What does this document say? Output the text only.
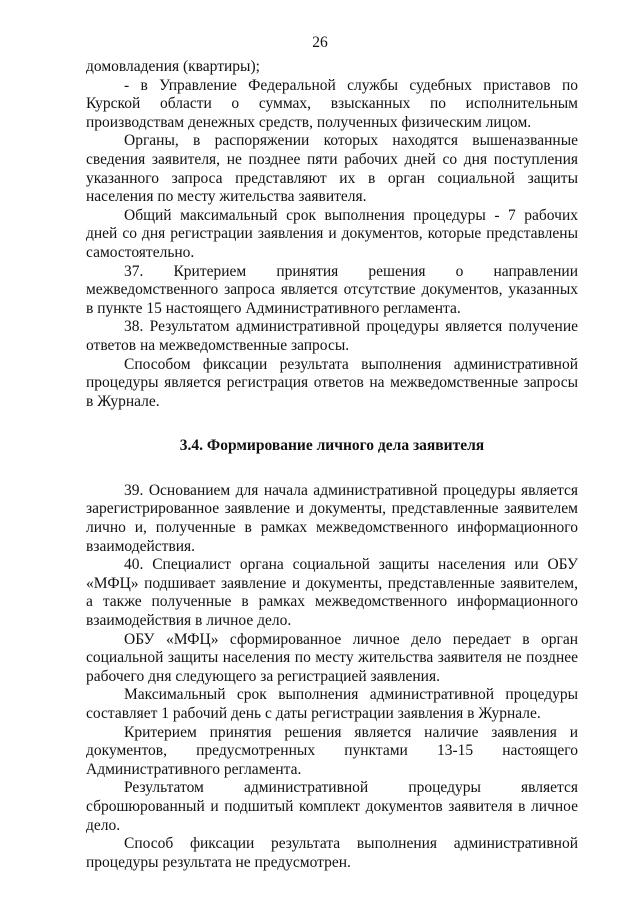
26

домовладения (квартиры);

- в Управление Федеральной службы судебных приставов по Курской области о суммах, взысканных по исполнительным производствам денежных средств, полученных физическим лицом.

Органы, в распоряжении которых находятся вышеназванные сведения заявителя, не позднее пяти рабочих дней со дня поступления указанного запроса представляют их в орган социальной защиты населения по месту жительства заявителя.

Общий максимальный срок выполнения процедуры - 7 рабочих дней со дня регистрации заявления и документов, которые представлены самостоятельно.

37. Критерием принятия решения о направлении межведомственного запроса является отсутствие документов, указанных в пункте 15 настоящего Административного регламента.

38. Результатом административной процедуры является получение ответов на межведомственные запросы.

Способом фиксации результата выполнения административной процедуры является регистрация ответов на межведомственные запросы в Журнале.

3.4. Формирование личного дела заявителя

39. Основанием для начала административной процедуры является зарегистрированное заявление и документы, представленные заявителем лично и, полученные в рамках межведомственного информационного взаимодействия.

40. Специалист органа социальной защиты населения или ОБУ «МФЦ» подшивает заявление и документы, представленные заявителем, а также полученные в рамках межведомственного информационного взаимодействия в личное дело.

ОБУ «МФЦ» сформированное личное дело передает в орган социальной защиты населения по месту жительства заявителя не позднее рабочего дня следующего за регистрацией заявления.

Максимальный срок выполнения административной процедуры составляет 1 рабочий день с даты регистрации заявления в Журнале.

Критерием принятия решения является наличие заявления и документов, предусмотренных пунктами 13-15 настоящего Административного регламента.

Результатом административной процедуры является сброшюрованный и подшитый комплект документов заявителя в личное дело.

Способ фиксации результата выполнения административной процедуры результата не предусмотрен.
